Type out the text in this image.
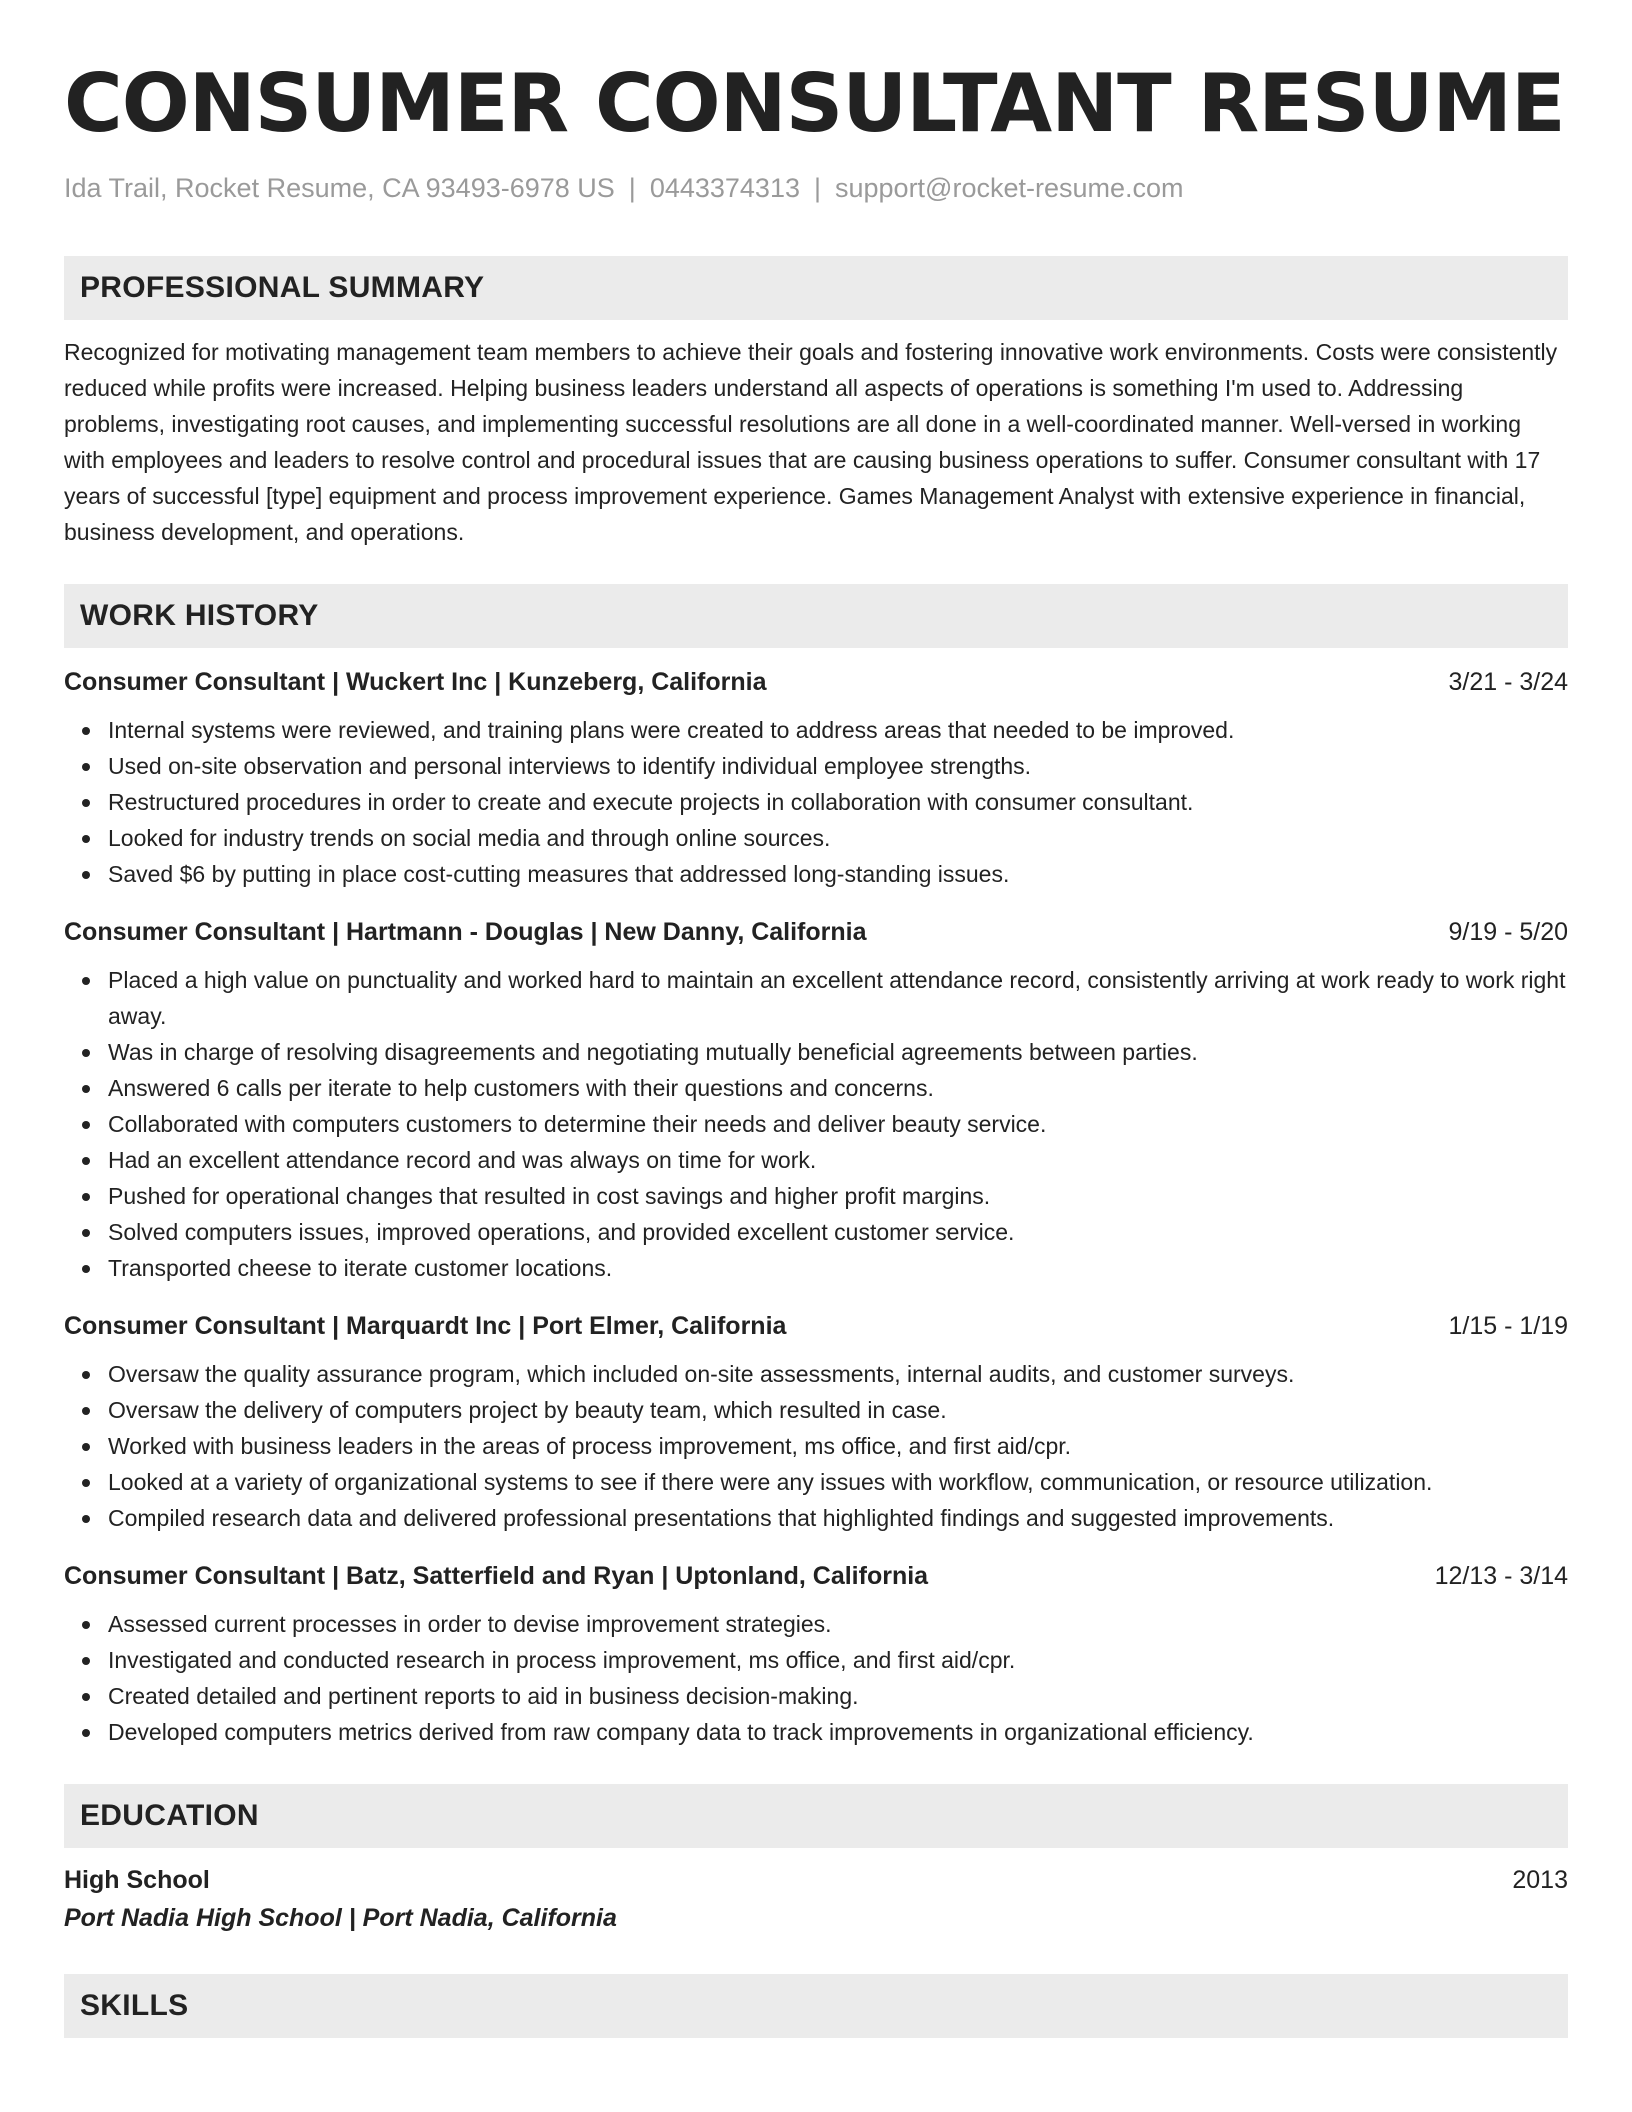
CONSUMER CONSULTANT RESUME
Ida Trail, Rocket Resume, CA 93493-6978 US | 0443374313 | support@rocket-resume.com
PROFESSIONAL SUMMARY
Recognized for motivating management team members to achieve their goals and fostering innovative work environments. Costs were consistently reduced while profits were increased. Helping business leaders understand all aspects of operations is something I'm used to. Addressing problems, investigating root causes, and implementing successful resolutions are all done in a well-coordinated manner. Well-versed in working with employees and leaders to resolve control and procedural issues that are causing business operations to suffer. Consumer consultant with 17 years of successful [type] equipment and process improvement experience. Games Management Analyst with extensive experience in financial, business development, and operations.
WORK HISTORY
Consumer Consultant | Wuckert Inc | Kunzeberg, California	3/21 - 3/24
Internal systems were reviewed, and training plans were created to address areas that needed to be improved.
Used on-site observation and personal interviews to identify individual employee strengths.
Restructured procedures in order to create and execute projects in collaboration with consumer consultant.
Looked for industry trends on social media and through online sources.
Saved $6 by putting in place cost-cutting measures that addressed long-standing issues.
Consumer Consultant | Hartmann - Douglas | New Danny, California	9/19 - 5/20
Placed a high value on punctuality and worked hard to maintain an excellent attendance record, consistently arriving at work ready to work right away.
Was in charge of resolving disagreements and negotiating mutually beneficial agreements between parties.
Answered 6 calls per iterate to help customers with their questions and concerns.
Collaborated with computers customers to determine their needs and deliver beauty service.
Had an excellent attendance record and was always on time for work.
Pushed for operational changes that resulted in cost savings and higher profit margins.
Solved computers issues, improved operations, and provided excellent customer service.
Transported cheese to iterate customer locations.
Consumer Consultant | Marquardt Inc | Port Elmer, California	1/15 - 1/19
Oversaw the quality assurance program, which included on-site assessments, internal audits, and customer surveys.
Oversaw the delivery of computers project by beauty team, which resulted in case.
Worked with business leaders in the areas of process improvement, ms office, and first aid/cpr.
Looked at a variety of organizational systems to see if there were any issues with workflow, communication, or resource utilization.
Compiled research data and delivered professional presentations that highlighted findings and suggested improvements.
Consumer Consultant | Batz, Satterfield and Ryan | Uptonland, California	12/13 - 3/14
Assessed current processes in order to devise improvement strategies.
Investigated and conducted research in process improvement, ms office, and first aid/cpr.
Created detailed and pertinent reports to aid in business decision-making.
Developed computers metrics derived from raw company data to track improvements in organizational efficiency.
EDUCATION
High School	2013
Port Nadia High School | Port Nadia, California
SKILLS
